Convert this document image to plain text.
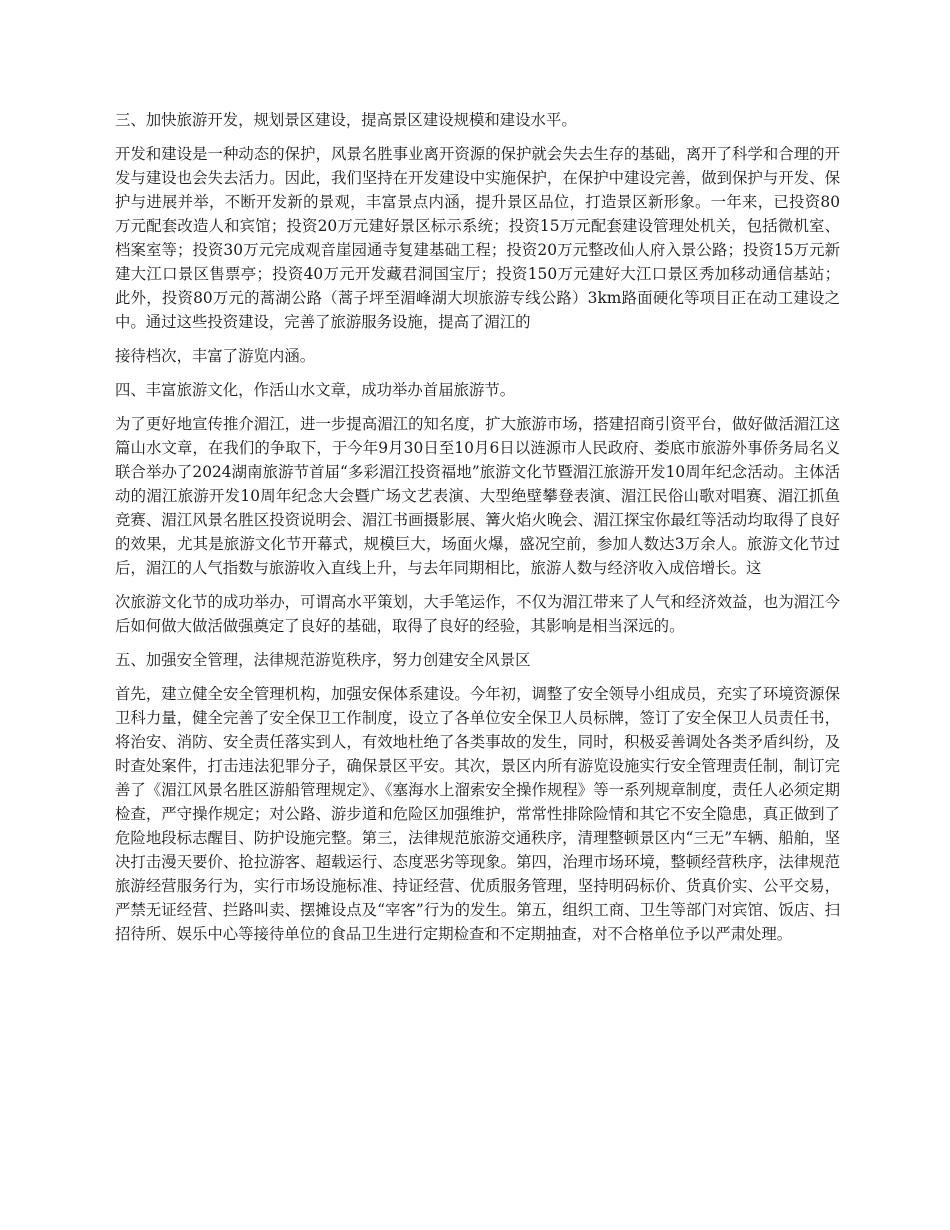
三、加快旅游开发，规划景区建设，提高景区建设规模和建设水平。

开发和建设是一种动态的保护，风景名胜事业离开资源的保护就会失去生存的基础，离开了科学和合理的开发与建设也会失去活力。因此，我们坚持在开发建设中实施保护，在保护中建设完善，做到保护与开发、保护与进展并举，不断开发新的景观，丰富景点内涵，提升景区品位，打造景区新形象。一年来，已投资80万元配套改造人和宾馆；投资20万元建好景区标示系统；投资15万元配套建设管理处机关，包括微机室、档案室等；投资30万元完成观音崖园通寺复建基础工程；投资20万元整改仙人府入景公路；投资15万元新建大江口景区售票亭；投资40万元开发藏君洞国宝厅；投资150万元建好大江口景区秀加移动通信基站；此外，投资80万元的蒿湖公路（蒿子坪至湄峰湖大坝旅游专线公路）3km路面硬化等项目正在动工建设之中。通过这些投资建设，完善了旅游服务设施，提高了湄江的

接待档次，丰富了游览内涵。

四、丰富旅游文化，作活山水文章，成功举办首届旅游节。

为了更好地宣传推介湄江，进一步提高湄江的知名度，扩大旅游市场，搭建招商引资平台，做好做活湄江这篇山水文章，在我们的争取下，于今年9月30日至10月6日以涟源市人民政府、娄底市旅游外事侨务局名义联合举办了2024湖南旅游节首届“多彩湄江投资福地”旅游文化节暨湄江旅游开发10周年纪念活动。主体活动的湄江旅游开发10周年纪念大会暨广场文艺表演、大型绝壁攀登表演、湄江民俗山歌对唱赛、湄江抓鱼竞赛、湄江风景名胜区投资说明会、湄江书画摄影展、篝火焰火晚会、湄江探宝你最红等活动均取得了良好的效果，尤其是旅游文化节开幕式，规模巨大，场面火爆，盛况空前，参加人数达3万余人。旅游文化节过后，湄江的人气指数与旅游收入直线上升，与去年同期相比，旅游人数与经济收入成倍增长。这

次旅游文化节的成功举办，可谓高水平策划，大手笔运作，不仅为湄江带来了人气和经济效益，也为湄江今后如何做大做活做强奠定了良好的基础，取得了良好的经验，其影响是相当深远的。

五、加强安全管理，法律规范游览秩序，努力创建安全风景区

首先，建立健全安全管理机构，加强安保体系建设。今年初，调整了安全领导小组成员，充实了环境资源保卫科力量，健全完善了安全保卫工作制度，设立了各单位安全保卫人员标牌，签订了安全保卫人员责任书，将治安、消防、安全责任落实到人，有效地杜绝了各类事故的发生，同时，积极妥善调处各类矛盾纠纷，及时查处案件，打击违法犯罪分子，确保景区平安。其次，景区内所有游览设施实行安全管理责任制，制订完善了《湄江风景名胜区游船管理规定》、《塞海水上溜索安全操作规程》等一系列规章制度，责任人必须定期检查，严守操作规定；对公路、游步道和危险区加强维护，常常性排除险情和其它不安全隐患，真正做到了危险地段标志醒目、防护设施完整。第三，法律规范旅游交通秩序，清理整顿景区内“三无”车辆、船舶，坚决打击漫天要价、抢拉游客、超载运行、态度恶劣等现象。第四，治理市场环境，整顿经营秩序，法律规范旅游经营服务行为，实行市场设施标准、持证经营、优质服务管理，坚持明码标价、货真价实、公平交易，严禁无证经营、拦路叫卖、摆摊设点及“宰客”行为的发生。第五，组织工商、卫生等部门对宾馆、饭店、扫招待所、娱乐中心等接待单位的食品卫生进行定期检查和不定期抽查，对不合格单位予以严肃处理。
